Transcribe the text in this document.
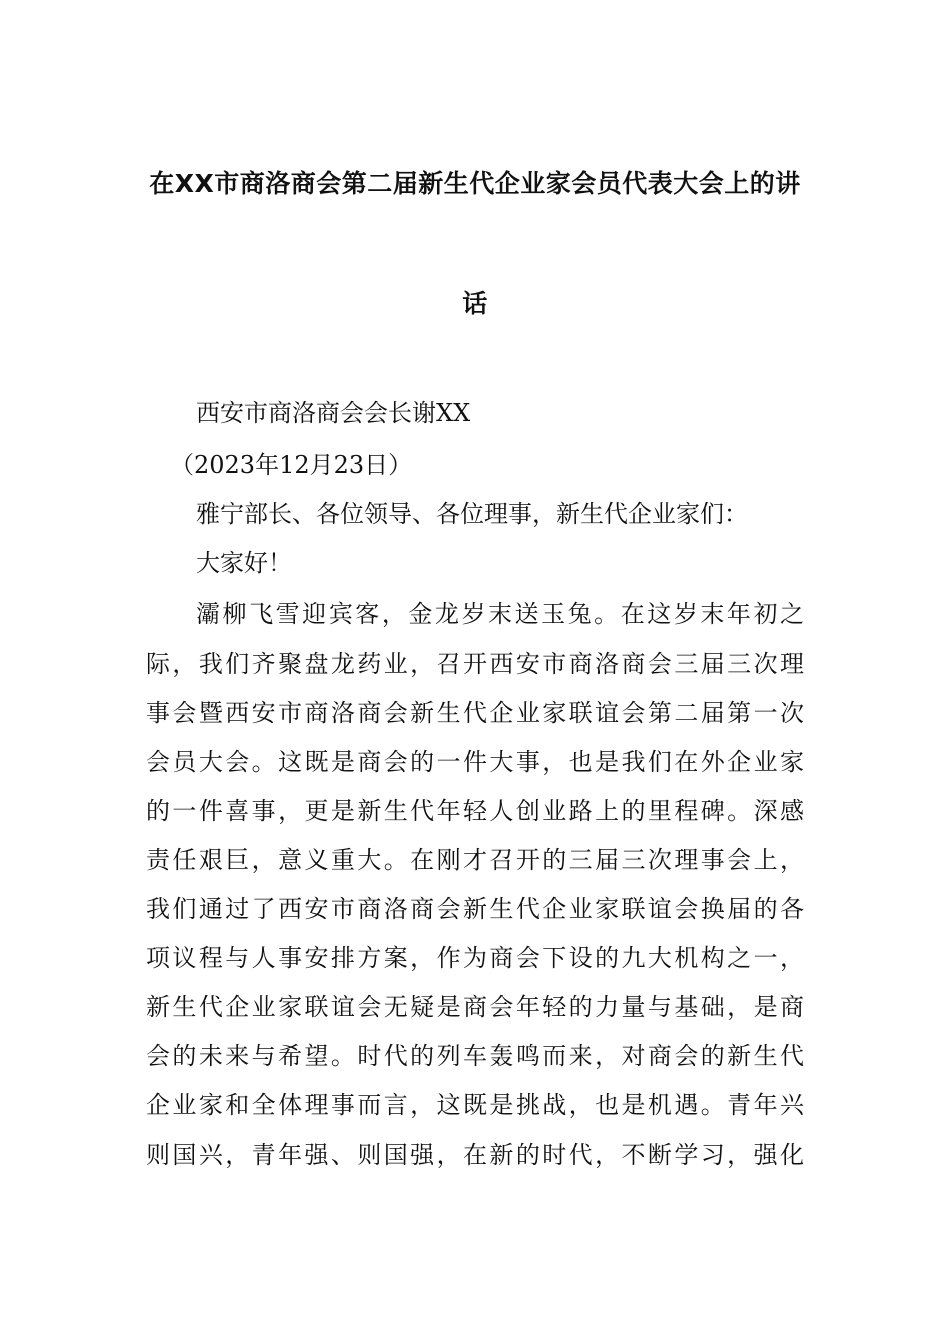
在XX市商洛商会第二届新生代企业家会员代表大会上的讲
话
西安市商洛商会会长谢XX
（2023年12月23日）
雅宁部长、各位领导、各位理事，新生代企业家们：
大家好！
灞柳飞雪迎宾客，金龙岁末送玉兔。在这岁末年初之
际，我们齐聚盘龙药业，召开西安市商洛商会三届三次理
事会暨西安市商洛商会新生代企业家联谊会第二届第一次
会员大会。这既是商会的一件大事，也是我们在外企业家
的一件喜事，更是新生代年轻人创业路上的里程碑。深感
责任艰巨，意义重大。在刚才召开的三届三次理事会上，
我们通过了西安市商洛商会新生代企业家联谊会换届的各
项议程与人事安排方案，作为商会下设的九大机构之一，
新生代企业家联谊会无疑是商会年轻的力量与基础，是商
会的未来与希望。时代的列车轰鸣而来，对商会的新生代
企业家和全体理事而言，这既是挑战，也是机遇。青年兴
则国兴，青年强、则国强，在新的时代，不断学习，强化
